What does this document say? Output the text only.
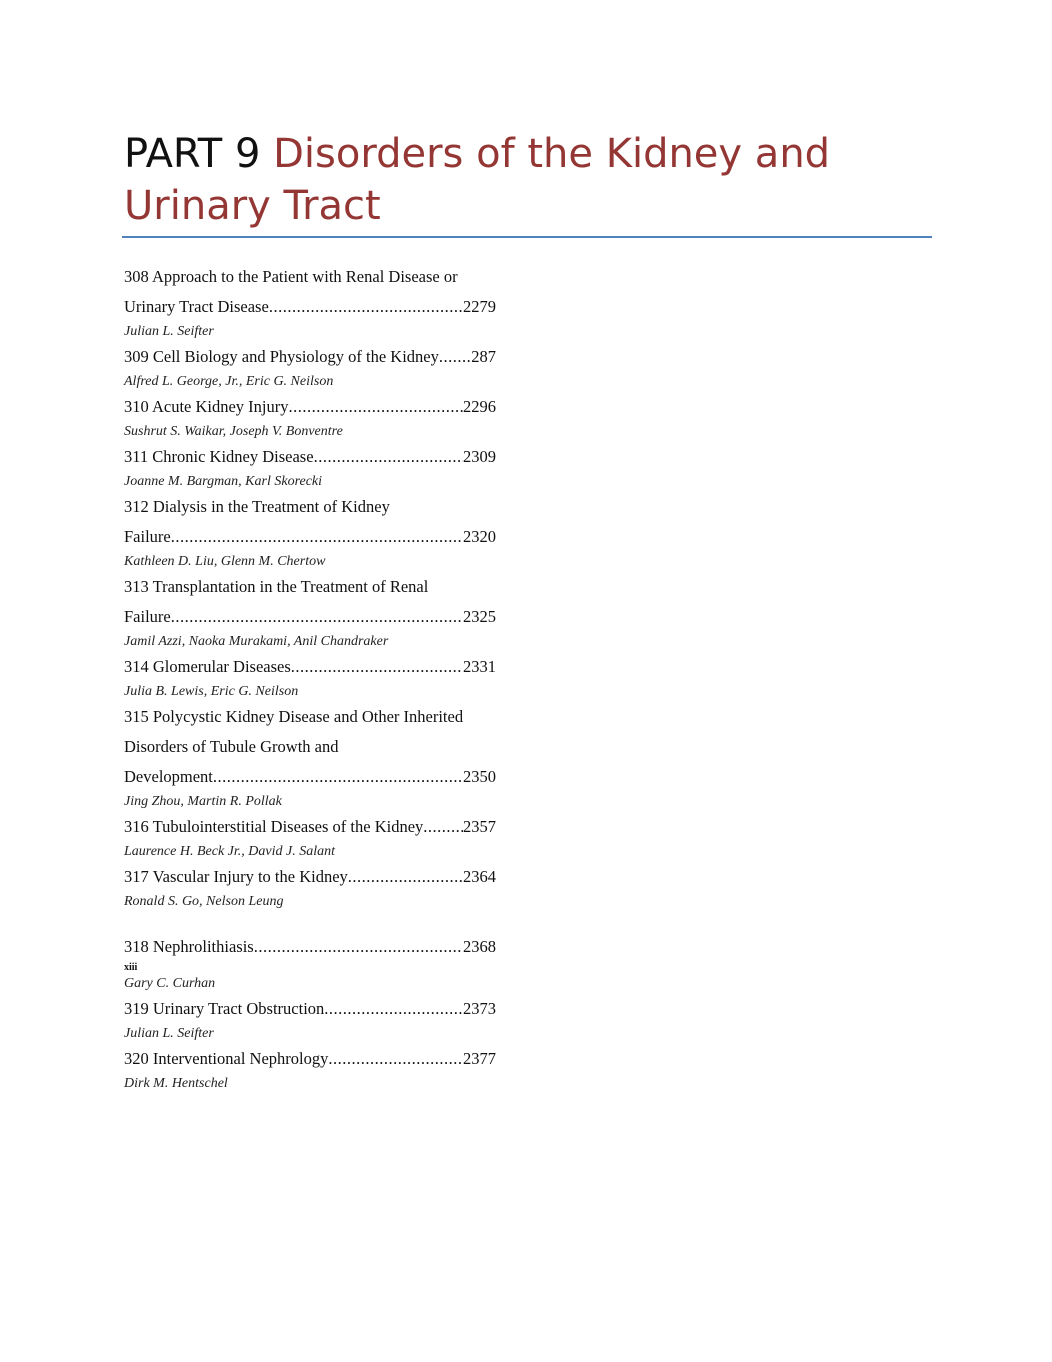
PART 9 Disorders of the Kidney and Urinary Tract
308 Approach to the Patient with Renal Disease or
Urinary Tract Disease .....	2279
Julian L. Seifter
309 Cell Biology and Physiology of the Kidney ..... 287
Alfred L. George, Jr., Eric G. Neilson
310 Acute Kidney Injury .....	2296
Sushrut S. Waikar, Joseph V. Bonventre
311 Chronic Kidney Disease .....	2309
Joanne M. Bargman, Karl Skorecki
312 Dialysis in the Treatment of Kidney
Failure .....	2320
Kathleen D. Liu, Glenn M. Chertow
313 Transplantation in the Treatment of Renal
Failure .....	2325
Jamil Azzi, Naoka Murakami, Anil Chandraker
314 Glomerular Diseases .....	2331
Julia B. Lewis, Eric G. Neilson
315 Polycystic Kidney Disease and Other Inherited
Disorders of Tubule Growth and
Development .....	2350
Jing Zhou, Martin R. Pollak
316 Tubulointerstitial Diseases of the Kidney ..... 2357
Laurence H. Beck Jr., David J. Salant
317 Vascular Injury to the Kidney .....	2364
Ronald S. Go, Nelson Leung
318 Nephrolithiasis .....	2368
xiii
Gary C. Curhan
319 Urinary Tract Obstruction .....	2373
Julian L. Seifter
320 Interventional Nephrology .....	2377
Dirk M. Hentschel
